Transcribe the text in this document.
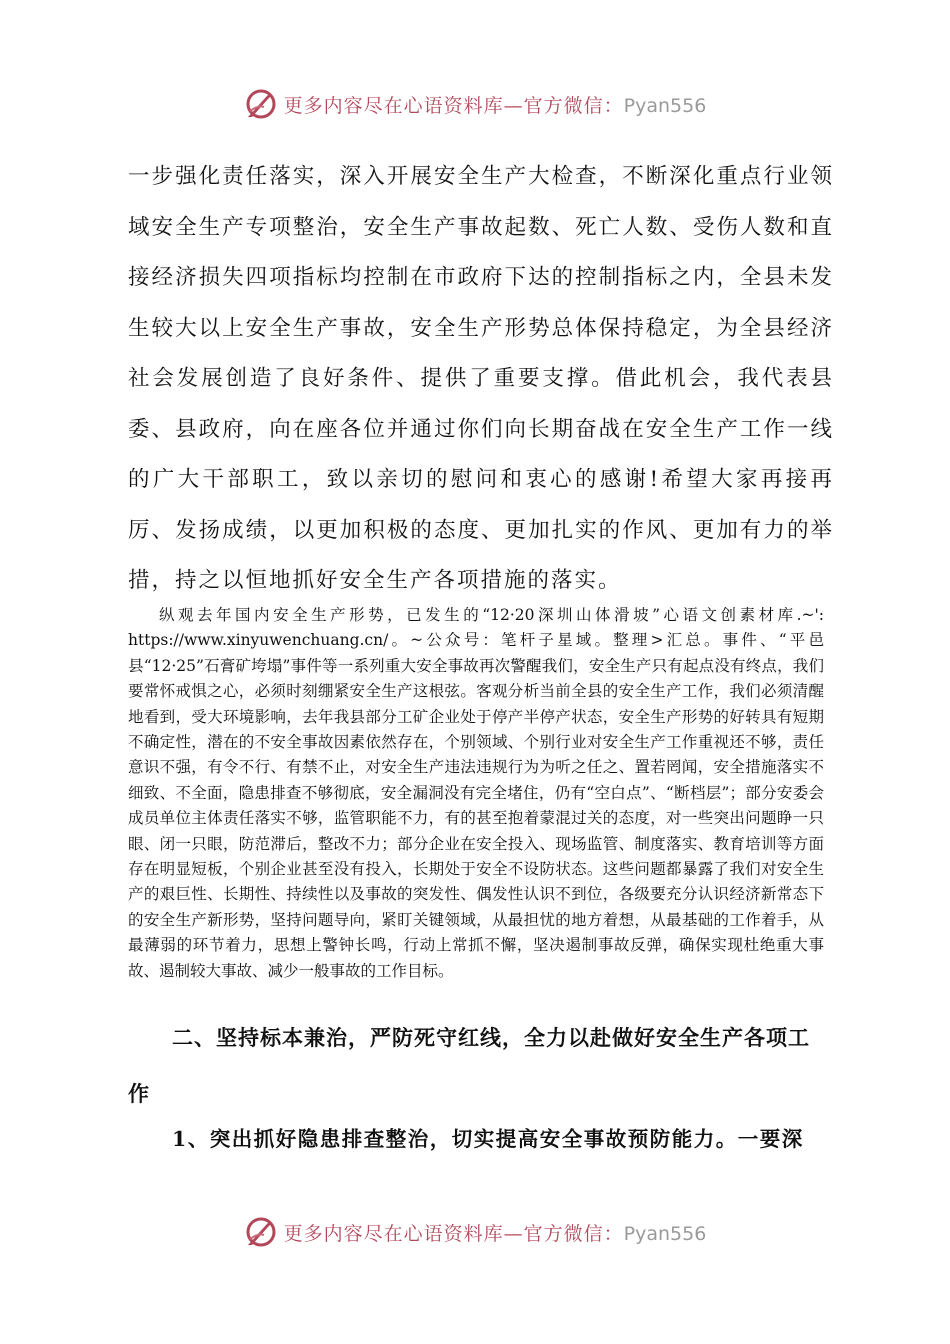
更多内容尽在心语资料库—官方微信：Pyan556

一步强化责任落实，深入开展安全生产大检查，不断深化重点行业领域安全生产专项整治，安全生产事故起数、死亡人数、受伤人数和直接经济损失四项指标均控制在市政府下达的控制指标之内，全县未发生较大以上安全生产事故，安全生产形势总体保持稳定，为全县经济社会发展创造了良好条件、提供了重要支撑。借此机会，我代表县委、县政府，向在座各位并通过你们向长期奋战在安全生产工作一线的广大干部职工，致以亲切的慰问和衷心的感谢!希望大家再接再厉、发扬成绩，以更加积极的态度、更加扎实的作风、更加有力的举措，持之以恒地抓好安全生产各项措施的落实。

纵观去年国内安全生产形势，已发生的“12·20深圳山体滑坡”心语文创素材库.~': https://www.xinyuwenchuang.cn/。~公众号：笔杆子星域。整理>汇总。事件、“平邑县“12·25”石膏矿垮塌”事件等一系列重大安全事故再次警醒我们，安全生产只有起点没有终点，我们要常怀戒惧之心，必须时刻绷紧安全生产这根弦。客观分析当前全县的安全生产工作，我们必须清醒地看到，受大环境影响，去年我县部分工矿企业处于停产半停产状态，安全生产形势的好转具有短期不确定性，潜在的不安全事故因素依然存在，个别领域、个别行业对安全生产工作重视还不够，责任意识不强，有令不行、有禁不止，对安全生产违法违规行为为听之任之、置若罔闻，安全措施落实不细致、不全面，隐患排查不够彻底，安全漏洞没有完全堵住，仍有“空白点”、“断档层”；部分安委会成员单位主体责任落实不够，监管职能不力，有的甚至抱着蒙混过关的态度，对一些突出问题睁一只眼、闭一只眼，防范滞后，整改不力；部分企业在安全投入、现场监管、制度落实、教育培训等方面存在明显短板，个别企业甚至没有投入，长期处于安全不设防状态。这些问题都暴露了我们对安全生产的艰巨性、长期性、持续性以及事故的突发性、偶发性认识不到位，各级要充分认识经济新常态下的安全生产新形势，坚持问题导向，紧盯关键领域，从最担忧的地方着想，从最基础的工作着手，从最薄弱的环节着力，思想上警钟长鸣，行动上常抓不懈，坚决遏制事故反弹，确保实现杜绝重大事故、遏制较大事故、减少一般事故的工作目标。

二、坚持标本兼治，严防死守红线，全力以赴做好安全生产各项工作

1、突出抓好隐患排查整治，切实提高安全事故预防能力。一要深

更多内容尽在心语资料库—官方微信：Pyan556
